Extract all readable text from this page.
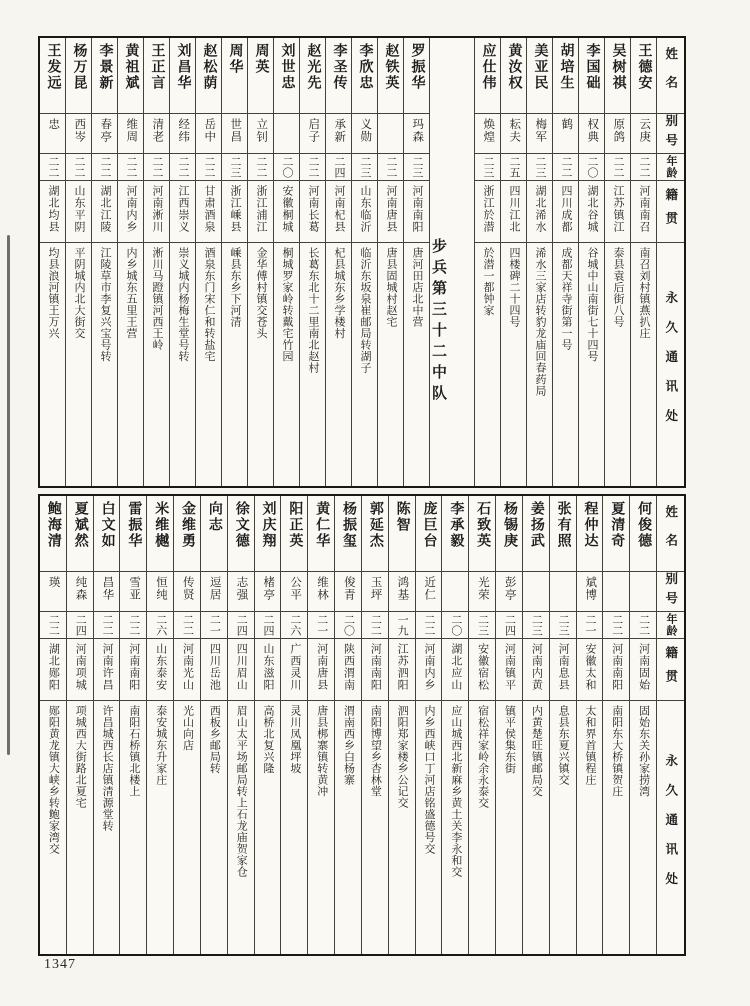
王发远
忠
二二
湖北均县
均县浪河镇王万兴
杨万昆
西岑
二二
山东平阴
平阴城内北大街交
李景新
春亭
二二
湖北江陵
江陵草市李复兴宝号转
黄祖斌
维周
二二
河南内乡
内乡城东五里王营
王正言
清老
二二
河南淅川
淅川马蹬镇河西王岭
刘昌华
经纬
二二
江西崇义
崇义城内杨梅生堂号转
赵松荫
岳中
二二
甘肃酒泉
酒泉东门宋仁和转盐宅
周华
世昌
二三
浙江嵊县
嵊县东乡下河清
周英
立钊
二二
浙江浦江
金华傅村镇交苍头
刘世忠
二〇
安徽桐城
桐城罗家岭转戴宅竹园
赵光先
启子
二二
河南长葛
长葛东北十二里南北赵村
李圣传
承新
二四
河南杞县
杞县城东乡学楼村
李欣忠
义勋
二三
山东临沂
临沂东坂泉崔邮局转湖子
赵铁英
二二
河南唐县
唐县固城村赵宅
罗振华
玛森
二三
河南南阳
唐河田店北中营 步兵第三十二中队
应仕伟
焕煌
二三
浙江於潜
於潜一都钟家
黄汝权
耘夫
二五
四川江北
四楼碑二十四号
美亚民
梅军
二三
湖北浠水
浠水三家店转豹龙庙回春药局
胡培生
鹤
二二
四川成都
成都天祥寺街第一号
李国础
权典
二〇
湖北谷城
谷城中山南街七十四号
吴树祺
原鸽
二二
江苏镇江
泰县袁后街八号
王德安
云庚
二二
河南南召
南召刘村镇燕扒庄
姓名
别号
年龄
籍贯
永久通讯处
鲍海清
瑛
二二
湖北郧阳
郧阳黄龙镇大峡乡转鲍家湾交
夏斌然
纯森
二四
河南项城
项城西大街路北夏宅
白文如
昌华
二二
河南许昌
许昌城西长店镇清源堂转
雷振华
雪亚
二二
河南南阳
南阳石桥镇北楼上
米维樾
恒纯
二六
山东泰安
泰安城东升家庄
金维勇
传贤
二二
河南光山
光山向店
向志
逗居
二一
四川岳池
西板乡邮局转
徐文德
志强
二四
四川眉山
眉山太平场邮局转上石龙庙贺家仓
刘庆翔
楮亭
二四
山东滋阳
高桥北复兴隆
阳正英
公平
二六
广西灵川
灵川凤凰坪坡
黄仁华
维林
二一
河南唐县
唐县梆寨镇转黄冲
杨振玺
俊青
二〇
陕西渭南
渭南西乡白杨寨
郭延杰
玉坪
二二
河南南阳
南阳博望乡杏林堂
陈智
鸿基
一九
江苏泗阳
泗阳郑家楼乡公记交
庞巨台
近仁
二二
河南内乡
内乡西峡口丁河店铭盛德号交
李承毅
二〇
湖北应山
应山城西北新麻乡黄土关李永和交
石致英
光荣
二三
安徽宿松
宿松祥家岭余永泰交
杨锡庚
彭亭
二四
河南镇平
镇平侯集东街
姜扬武
二三
河南内黄
内黄楚旺镇邮局交
张有照
二三
河南息县
息县东夏兴镇交
程仲达
斌博
二一
安徽太和
太和界首镇程庄
夏清奇
二二
河南南阳
南阳东大桥镇贺庄
何俊德
二二
河南固始
固始东关孙家捞湾
姓名
别号
年龄
籍贯
永久通讯处
1347
